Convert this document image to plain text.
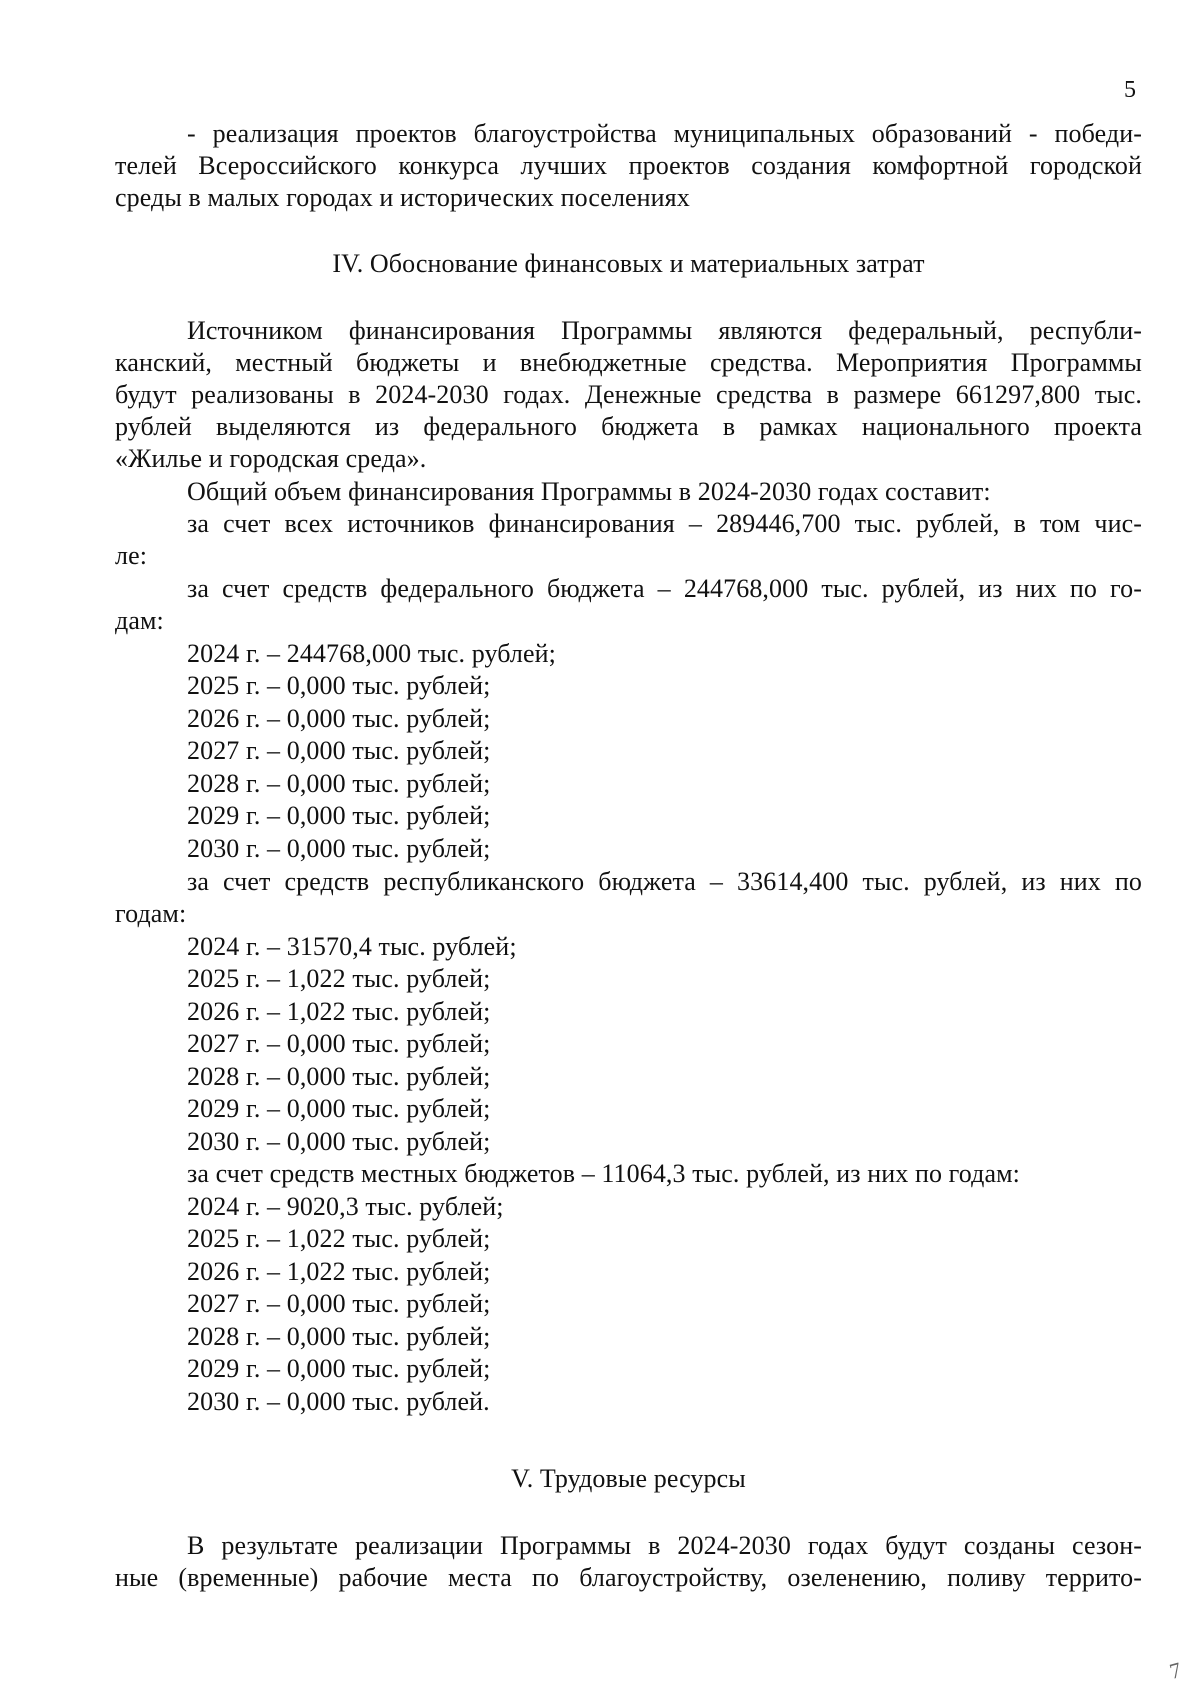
5
- реализация проектов благоустройства муниципальных образований - победи-
телей Всероссийского конкурса лучших проектов создания комфортной городской
среды в малых городах и исторических поселениях
IV. Обоснование финансовых и материальных затрат
Источником финансирования Программы являются федеральный, республи-
канский, местный бюджеты и внебюджетные средства. Мероприятия Программы
будут реализованы в 2024-2030 годах. Денежные средства в размере 661297,800 тыс.
рублей выделяются из федерального бюджета в рамках национального проекта
«Жилье и городская среда».
Общий объем финансирования Программы в 2024-2030 годах составит:
за счет всех источников финансирования – 289446,700 тыс. рублей, в том чис-
ле:
за счет средств федерального бюджета – 244768,000 тыс. рублей, из них по го-
дам:
2024 г. – 244768,000 тыс. рублей;
2025 г. – 0,000 тыс. рублей;
2026 г. – 0,000 тыс. рублей;
2027 г. – 0,000 тыс. рублей;
2028 г. – 0,000 тыс. рублей;
2029 г. – 0,000 тыс. рублей;
2030 г. – 0,000 тыс. рублей;
за счет средств республиканского бюджета – 33614,400 тыс. рублей, из них по
годам:
2024 г. – 31570,4 тыс. рублей;
2025 г. – 1,022 тыс. рублей;
2026 г. – 1,022 тыс. рублей;
2027 г. – 0,000 тыс. рублей;
2028 г. – 0,000 тыс. рублей;
2029 г. – 0,000 тыс. рублей;
2030 г. – 0,000 тыс. рублей;
за счет средств местных бюджетов – 11064,3 тыс. рублей, из них по годам:
2024 г. – 9020,3 тыс. рублей;
2025 г. – 1,022 тыс. рублей;
2026 г. – 1,022 тыс. рублей;
2027 г. – 0,000 тыс. рублей;
2028 г. – 0,000 тыс. рублей;
2029 г. – 0,000 тыс. рублей;
2030 г. – 0,000 тыс. рублей.
V. Трудовые ресурсы
В результате реализации Программы в 2024-2030 годах будут созданы сезон-
ные (временные) рабочие места по благоустройству, озеленению, поливу террито-
7
